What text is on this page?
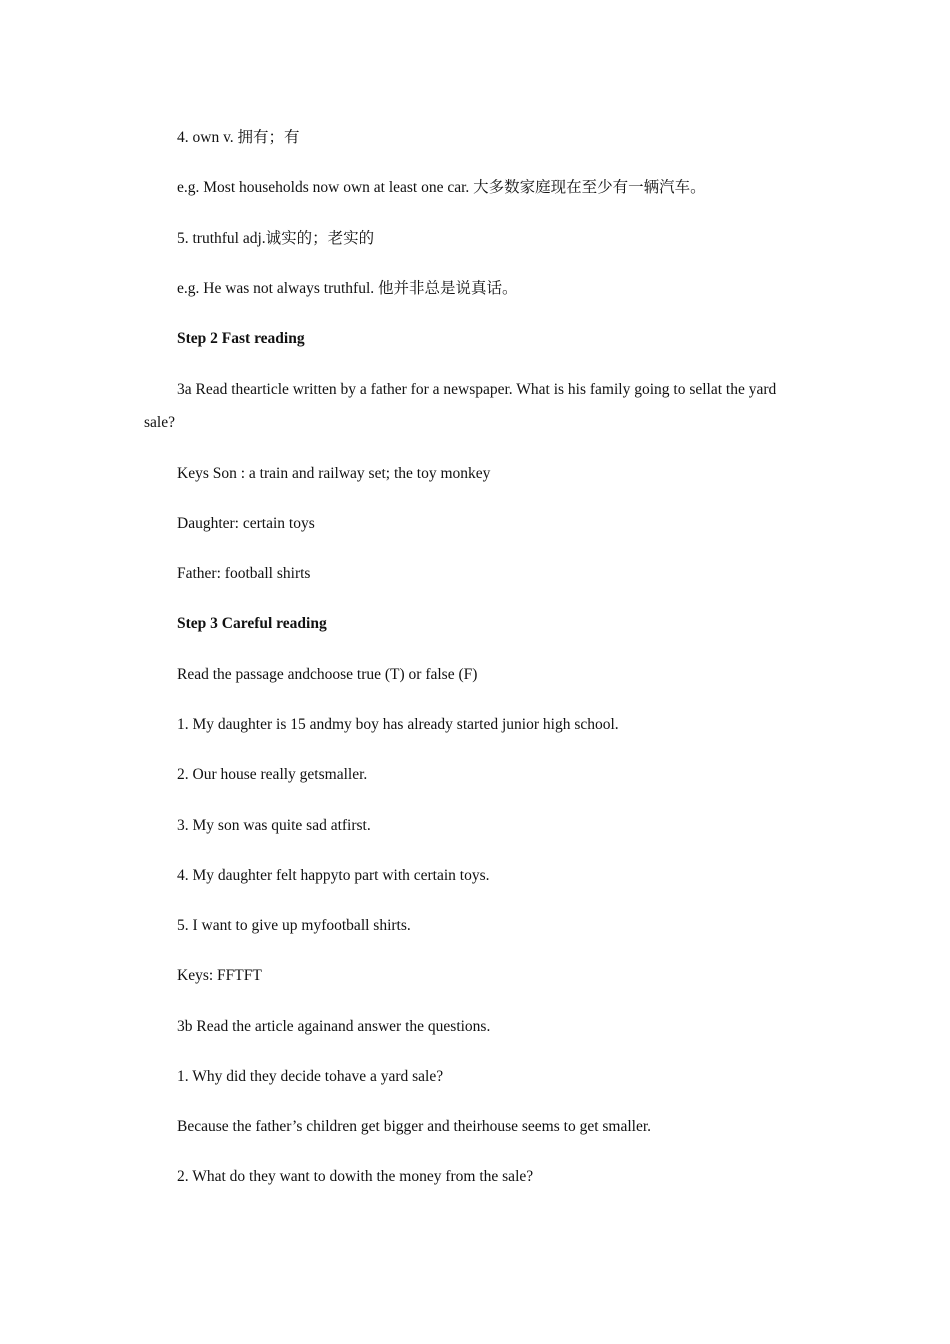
4. own v. 拥有；有
e.g. Most households now own at least one car. 大多数家庭现在至少有一辆汽车。
5. truthful adj.诚实的；老实的
e.g. He was not always truthful. 他并非总是说真话。
Step 2 Fast reading
3a Read thearticle written by a father for a newspaper. What is his family going to sellat the yard sale?
Keys Son : a train and railway set; the toy monkey
Daughter: certain toys
Father: football shirts
Step 3 Careful reading
Read the passage andchoose true (T) or false (F)
1. My daughter is 15 andmy boy has already started junior high school.
2. Our house really getsmaller.
3. My son was quite sad atfirst.
4. My daughter felt happyto part with certain toys.
5. I want to give up myfootball shirts.
Keys: FFTFT
3b Read the article againand answer the questions.
1. Why did they decide tohave a yard sale?
Because the father’s children get bigger and theirhouse seems to get smaller.
2. What do they want to dowith the money from the sale?
